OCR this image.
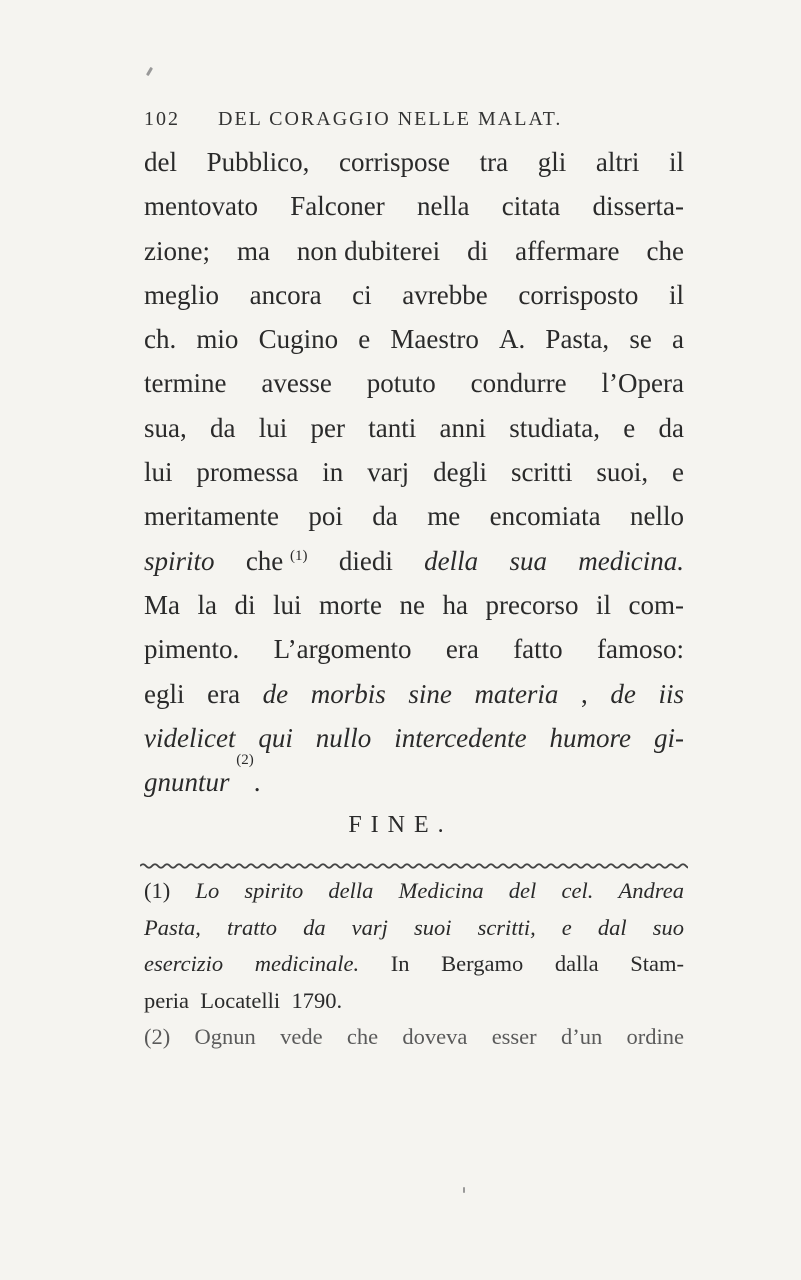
102 DEL CORAGGIO NELLE MALAT.
del Pubblico, corrispose tra gli altri il
mentovato Falconer nella citata disserta-
zione; ma non dubiterei di affermare che
meglio ancora ci avrebbe corrisposto il
ch. mio Cugino e Maestro A. Pasta, se a
termine avesse potuto condurre l’Opera
sua, da lui per tanti anni studiata, e da
lui promessa in varj degli scritti suoi, e
meritamente poi da me encomiata nello
spirito che $^{(1)}$ diedi della sua medicina.
Ma la di lui morte ne ha precorso il com-
pimento. L’argomento era fatto famoso:
egli era de morbis sine materia , de iis
videlicet qui nullo intercedente humore gi-
gnuntur

(2)
.
FINE.
(1) Lo spirito della Medicina del cel. Andrea
Pasta, tratto da varj suoi scritti, e dal suo
esercizio medicinale. In Bergamo dalla Stam-
peria
Locatelli
1790.
(2) Ognun vede che doveva esser d’un ordine
